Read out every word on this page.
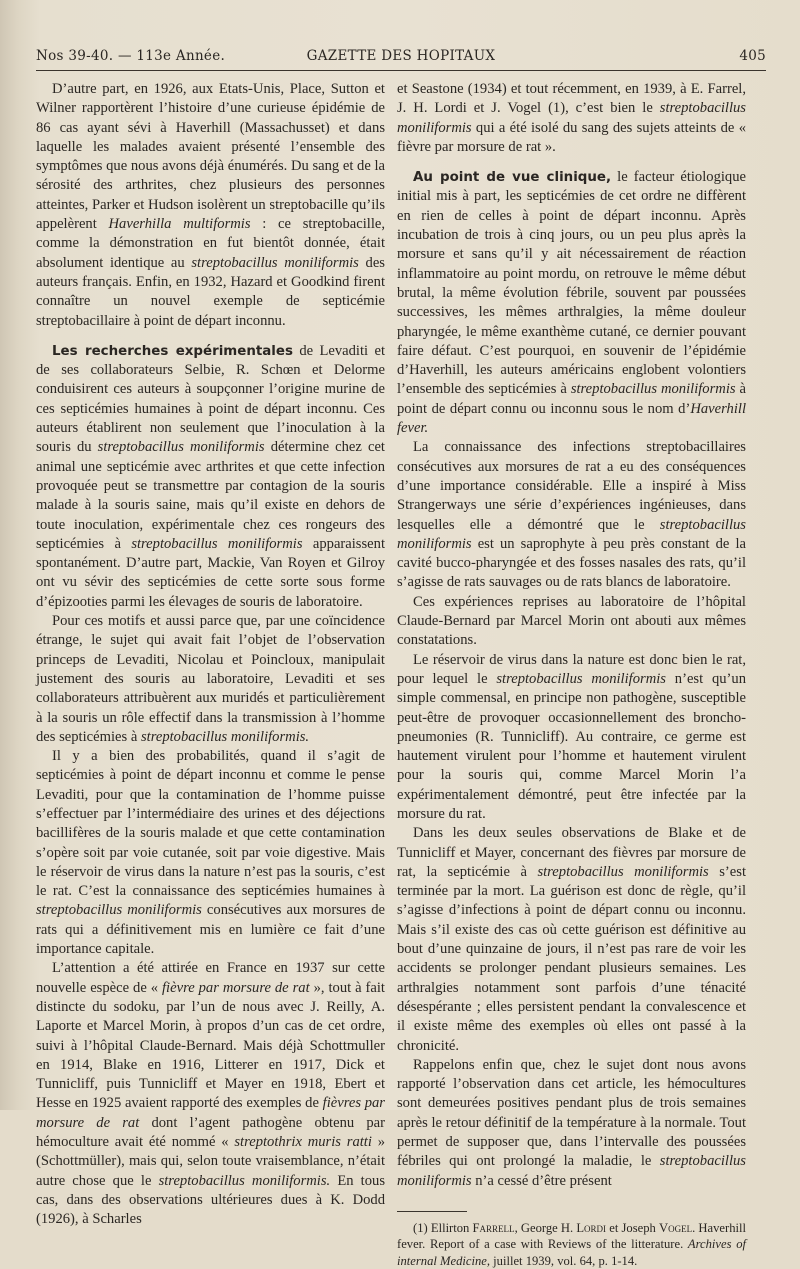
Nos 39-40. — 113e Année.	GAZETTE DES HOPITAUX	405

D’autre part, en 1926, aux Etats-Unis, Place, Sutton et Wilner rapportèrent l’histoire d’une curieuse épidémie de 86 cas ayant sévi à Haverhill (Massachusset) et dans laquelle les malades avaient présenté l’ensemble des symptômes que nous avons déjà énumérés. Du sang et de la sérosité des arthrites, chez plusieurs des personnes atteintes, Parker et Hudson isolèrent un streptobacille qu’ils appelèrent Haverhilla multiformis : ce streptobacille, comme la démonstration en fut bientôt donnée, était absolument identique au streptobacillus moniliformis des auteurs français. Enfin, en 1932, Hazard et Goodkind firent connaître un nouvel exemple de septicémie streptobacillaire à point de départ inconnu.

Les recherches expérimentales de Levaditi et de ses collaborateurs Selbie, R. Schœn et Delorme conduisirent ces auteurs à soupçonner l’origine murine de ces septicémies humaines à point de départ inconnu. Ces auteurs établirent non seulement que l’inoculation à la souris du streptobacillus moniliformis détermine chez cet animal une septicémie avec arthrites et que cette infection provoquée peut se transmettre par contagion de la souris malade à la souris saine, mais qu’il existe en dehors de toute inoculation, expérimentale chez ces rongeurs des septicémies à streptobacillus moniliformis apparaissent spontanément. D’autre part, Mackie, Van Royen et Gilroy ont vu sévir des septicémies de cette sorte sous forme d’épizooties parmi les élevages de souris de laboratoire.

Pour ces motifs et aussi parce que, par une coïncidence étrange, le sujet qui avait fait l’objet de l’observation princeps de Levaditi, Nicolau et Poincloux, manipulait justement des souris au laboratoire, Levaditi et ses collaborateurs attribuèrent aux muridés et particulièrement à la souris un rôle effectif dans la transmission à l’homme des septicémies à streptobacillus moniliformis.

Il y a bien des probabilités, quand il s’agit de septicémies à point de départ inconnu et comme le pense Levaditi, pour que la contamination de l’homme puisse s’effectuer par l’intermédiaire des urines et des déjections bacillifères de la souris malade et que cette contamination s’opère soit par voie cutanée, soit par voie digestive. Mais le réservoir de virus dans la nature n’est pas la souris, c’est le rat. C’est la connaissance des septicémies humaines à streptobacillus moniliformis consécutives aux morsures de rats qui a définitivement mis en lumière ce fait d’une importance capitale.

L’attention a été attirée en France en 1937 sur cette nouvelle espèce de « fièvre par morsure de rat », tout à fait distincte du sodoku, par l’un de nous avec J. Reilly, A. Laporte et Marcel Morin, à propos d’un cas de cet ordre, suivi à l’hôpital Claude-Bernard. Mais déjà Schottmuller en 1914, Blake en 1916, Litterer en 1917, Dick et Tunnicliff, puis Tunnicliff et Mayer en 1918, Ebert et Hesse en 1925 avaient rapporté des exemples de fièvres par morsure de rat dont l’agent pathogène obtenu par hémoculture avait été nommé « streptothrix muris ratti » (Schottmüller), mais qui, selon toute vraisemblance, n’était autre chose que le streptobacillus moniliformis. En tous cas, dans des observations ultérieures dues à K. Dodd (1926), à Scharles

et Seastone (1934) et tout récemment, en 1939, à E. Farrel, J. H. Lordi et J. Vogel (1), c’est bien le streptobacillus moniliformis qui a été isolé du sang des sujets atteints de « fièvre par morsure de rat ».

Au point de vue clinique, le facteur étiologique initial mis à part, les septicémies de cet ordre ne diffèrent en rien de celles à point de départ inconnu. Après incubation de trois à cinq jours, ou un peu plus après la morsure et sans qu’il y ait nécessairement de réaction inflammatoire au point mordu, on retrouve le même début brutal, la même évolution fébrile, souvent par poussées successives, les mêmes arthralgies, la même douleur pharyngée, le même exanthème cutané, ce dernier pouvant faire défaut. C’est pourquoi, en souvenir de l’épidémie d’Haverhill, les auteurs américains englobent volontiers l’ensemble des septicémies à streptobacillus moniliformis à point de départ connu ou inconnu sous le nom d’Haverhill fever.

La connaissance des infections streptobacillaires consécutives aux morsures de rat a eu des conséquences d’une importance considérable. Elle a inspiré à Miss Strangerways une série d’expériences ingénieuses, dans lesquelles elle a démontré que le streptobacillus moniliformis est un saprophyte à peu près constant de la cavité bucco-pharyngée et des fosses nasales des rats, qu’il s’agisse de rats sauvages ou de rats blancs de laboratoire.

Ces expériences reprises au laboratoire de l’hôpital Claude-Bernard par Marcel Morin ont abouti aux mêmes constatations.

Le réservoir de virus dans la nature est donc bien le rat, pour lequel le streptobacillus moniliformis n’est qu’un simple commensal, en principe non pathogène, susceptible peut-être de provoquer occasionnellement des broncho-pneumonies (R. Tunnicliff). Au contraire, ce germe est hautement virulent pour l’homme et hautement virulent pour la souris qui, comme Marcel Morin l’a expérimentalement démontré, peut être infectée par la morsure du rat.

Dans les deux seules observations de Blake et de Tunnicliff et Mayer, concernant des fièvres par morsure de rat, la septicémie à streptobacillus moniliformis s’est terminée par la mort. La guérison est donc de règle, qu’il s’agisse d’infections à point de départ connu ou inconnu. Mais s’il existe des cas où cette guérison est définitive au bout d’une quinzaine de jours, il n’est pas rare de voir les accidents se prolonger pendant plusieurs semaines. Les arthralgies notamment sont parfois d’une ténacité désespérante ; elles persistent pendant la convalescence et il existe même des exemples où elles ont passé à la chronicité.

Rappelons enfin que, chez le sujet dont nous avons rapporté l’observation dans cet article, les hémocultures sont demeurées positives pendant plus de trois semaines après le retour définitif de la température à la normale. Tout permet de supposer que, dans l’intervalle des poussées fébriles qui ont prolongé la maladie, le streptobacillus moniliformis n’a cessé d’être présent

(1) Ellirton Farrell, George H. Lordi et Joseph Vogel. Haverhill fever. Report of a case with Reviews of the litterature. Archives of internal Medicine, juillet 1939, vol. 64, p. 1-14.
